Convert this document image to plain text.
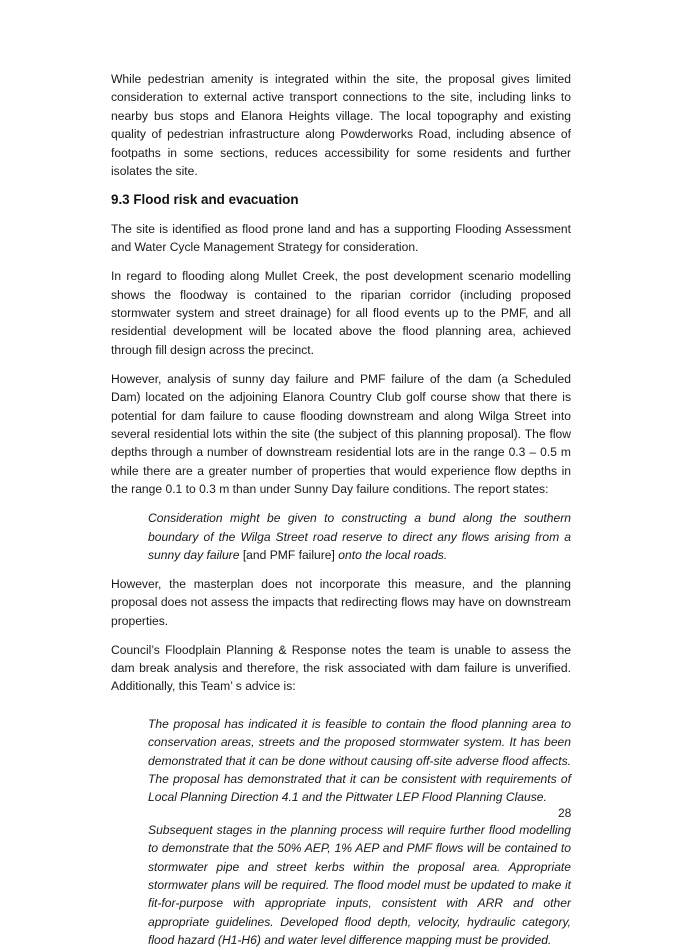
While pedestrian amenity is integrated within the site, the proposal gives limited consideration to external active transport connections to the site, including links to nearby bus stops and Elanora Heights village. The local topography and existing quality of pedestrian infrastructure along Powderworks Road, including absence of footpaths in some sections, reduces accessibility for some residents and further isolates the site.

9.3 Flood risk and evacuation

The site is identified as flood prone land and has a supporting Flooding Assessment and Water Cycle Management Strategy for consideration.

In regard to flooding along Mullet Creek, the post development scenario modelling shows the floodway is contained to the riparian corridor (including proposed stormwater system and street drainage) for all flood events up to the PMF, and all residential development will be located above the flood planning area, achieved through fill design across the precinct.

However, analysis of sunny day failure and PMF failure of the dam (a Scheduled Dam) located on the adjoining Elanora Country Club golf course show that there is potential for dam failure to cause flooding downstream and along Wilga Street into several residential lots within the site (the subject of this planning proposal). The flow depths through a number of downstream residential lots are in the range 0.3 – 0.5 m while there are a greater number of properties that would experience flow depths in the range 0.1 to 0.3 m than under Sunny Day failure conditions. The report states:

Consideration might be given to constructing a bund along the southern boundary of the Wilga Street road reserve to direct any flows arising from a sunny day failure [and PMF failure] onto the local roads.

However, the masterplan does not incorporate this measure, and the planning proposal does not assess the impacts that redirecting flows may have on downstream properties.

Council’s Floodplain Planning & Response notes the team is unable to assess the dam break analysis and therefore, the risk associated with dam failure is unverified. Additionally, this Team’ s advice is:

The proposal has indicated it is feasible to contain the flood planning area to conservation areas, streets and the proposed stormwater system. It has been demonstrated that it can be done without causing off-site adverse flood affects. The proposal has demonstrated that it can be consistent with requirements of Local Planning Direction 4.1 and the Pittwater LEP Flood Planning Clause.

Subsequent stages in the planning process will require further flood modelling to demonstrate that the 50% AEP, 1% AEP and PMF flows will be contained to stormwater pipe and street kerbs within the proposal area. Appropriate stormwater plans will be required. The flood model must be updated to make it fit-for-purpose with appropriate inputs, consistent with ARR and other appropriate guidelines. Developed flood depth, velocity, hydraulic category, flood hazard (H1-H6) and water level difference mapping must be provided.

28
